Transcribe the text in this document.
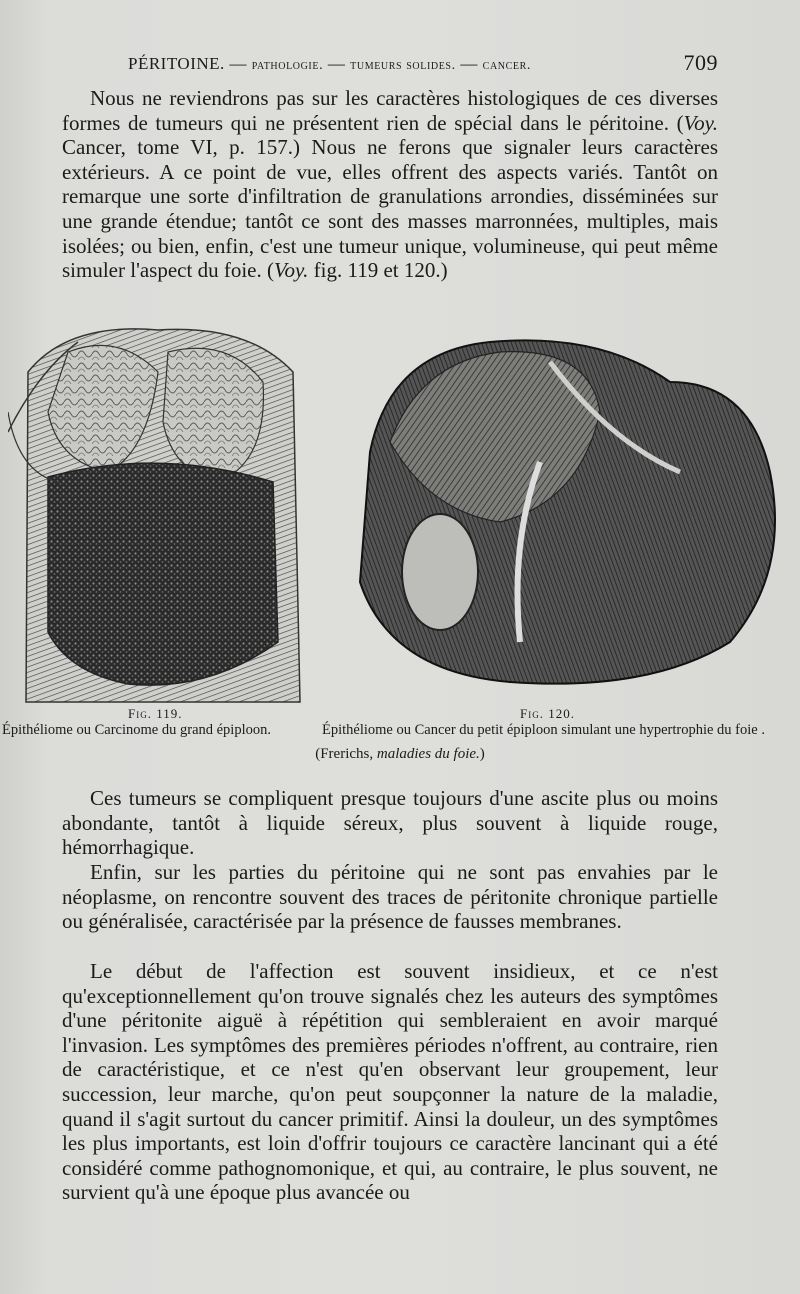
PÉRITOINE. — pathologie. — tumeurs solides. — cancer.	709

Nous ne reviendrons pas sur les caractères histologiques de ces diverses formes de tumeurs qui ne présentent rien de spécial dans le péritoine. (Voy. Cancer, tome VI, p. 157.) Nous ne ferons que signaler leurs caractères extérieurs. A ce point de vue, elles offrent des aspects variés. Tantôt on remarque une sorte d'infiltration de granulations arrondies, disséminées sur une grande étendue; tantôt ce sont des masses marronnées, multiples, mais isolées; ou bien, enfin, c'est une tumeur unique, volumineuse, qui peut même simuler l'aspect du foie. (Voy. fig. 119 et 120.)

Fig. 119.	Fig. 120.
Épithéliome ou Carcinome du grand épiploon.	Épithéliome ou Cancer du petit épiploon simulant une hypertrophie du foie .
(Frerichs, maladies du foie.)

Ces tumeurs se compliquent presque toujours d'une ascite plus ou moins abondante, tantôt à liquide séreux, plus souvent à liquide rouge, hémorrhagique.

Enfin, sur les parties du péritoine qui ne sont pas envahies par le néoplasme, on rencontre souvent des traces de péritonite chronique partielle ou généralisée, caractérisée par la présence de fausses membranes.

Le début de l'affection est souvent insidieux, et ce n'est qu'exceptionnellement qu'on trouve signalés chez les auteurs des symptômes d'une péritonite aiguë à répétition qui sembleraient en avoir marqué l'invasion. Les symptômes des premières périodes n'offrent, au contraire, rien de caractéristique, et ce n'est qu'en observant leur groupement, leur succession, leur marche, qu'on peut soupçonner la nature de la maladie, quand il s'agit surtout du cancer primitif. Ainsi la douleur, un des symptômes les plus importants, est loin d'offrir toujours ce caractère lancinant qui a été considéré comme pathognomonique, et qui, au contraire, le plus souvent, ne survient qu'à une époque plus avancée ou
